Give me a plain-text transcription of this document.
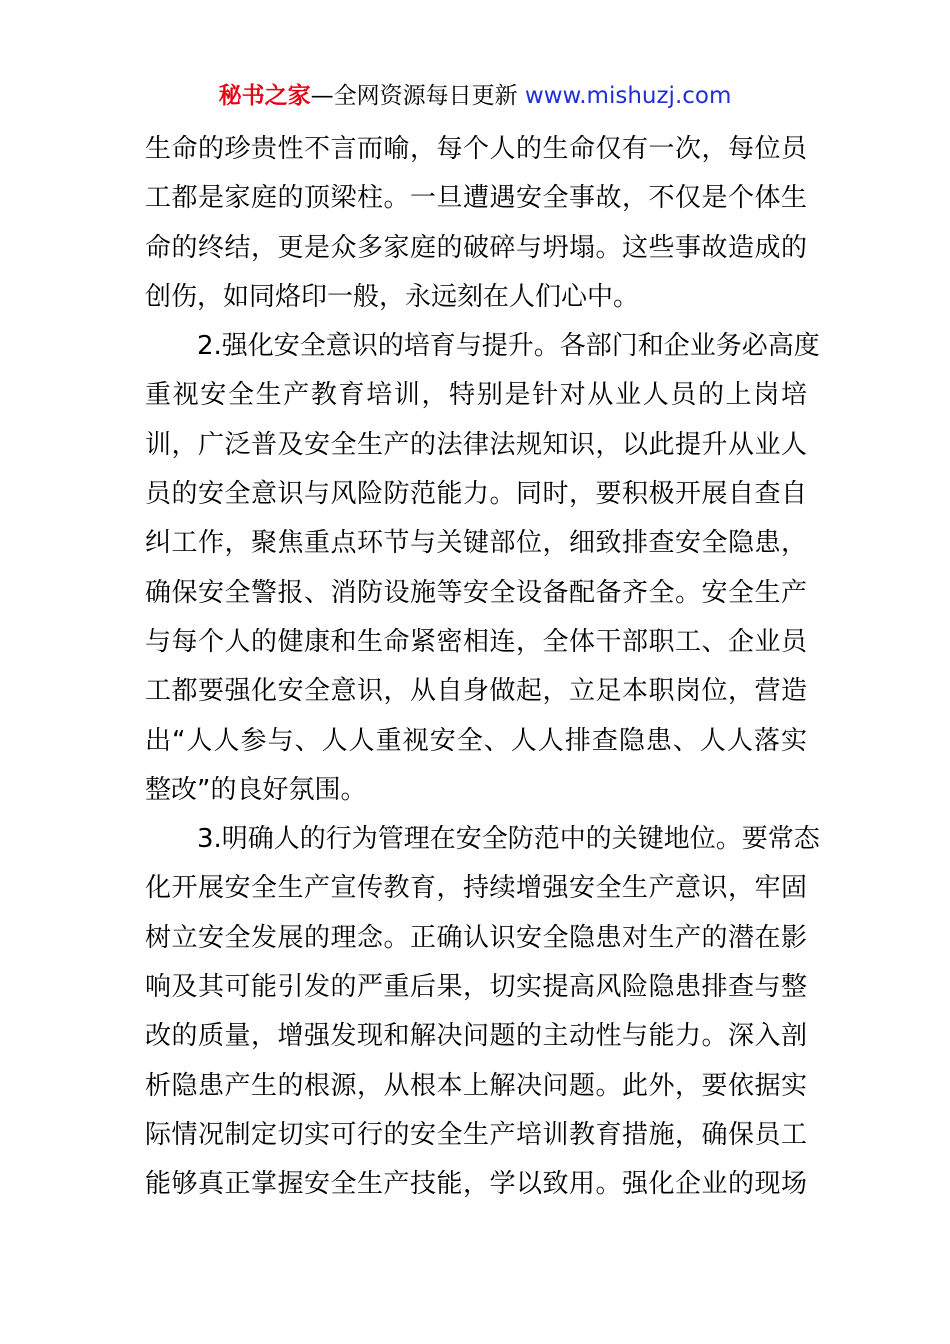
秘书之家—全网资源每日更新 www.mishuzj.com
生命的珍贵性不言而喻，每个人的生命仅有一次，每位员
工都是家庭的顶梁柱。一旦遭遇安全事故，不仅是个体生
命的终结，更是众多家庭的破碎与坍塌。这些事故造成的
创伤，如同烙印一般，永远刻在人们心中。
2.强化安全意识的培育与提升。各部门和企业务必高度
重视安全生产教育培训，特别是针对从业人员的上岗培
训，广泛普及安全生产的法律法规知识，以此提升从业人
员的安全意识与风险防范能力。同时，要积极开展自查自
纠工作，聚焦重点环节与关键部位，细致排查安全隐患，
确保安全警报、消防设施等安全设备配备齐全。安全生产
与每个人的健康和生命紧密相连，全体干部职工、企业员
工都要强化安全意识，从自身做起，立足本职岗位，营造
出“人人参与、人人重视安全、人人排查隐患、人人落实
整改”的良好氛围。
3.明确人的行为管理在安全防范中的关键地位。要常态
化开展安全生产宣传教育，持续增强安全生产意识，牢固
树立安全发展的理念。正确认识安全隐患对生产的潜在影
响及其可能引发的严重后果，切实提高风险隐患排查与整
改的质量，增强发现和解决问题的主动性与能力。深入剖
析隐患产生的根源，从根本上解决问题。此外，要依据实
际情况制定切实可行的安全生产培训教育措施，确保员工
能够真正掌握安全生产技能，学以致用。强化企业的现场
